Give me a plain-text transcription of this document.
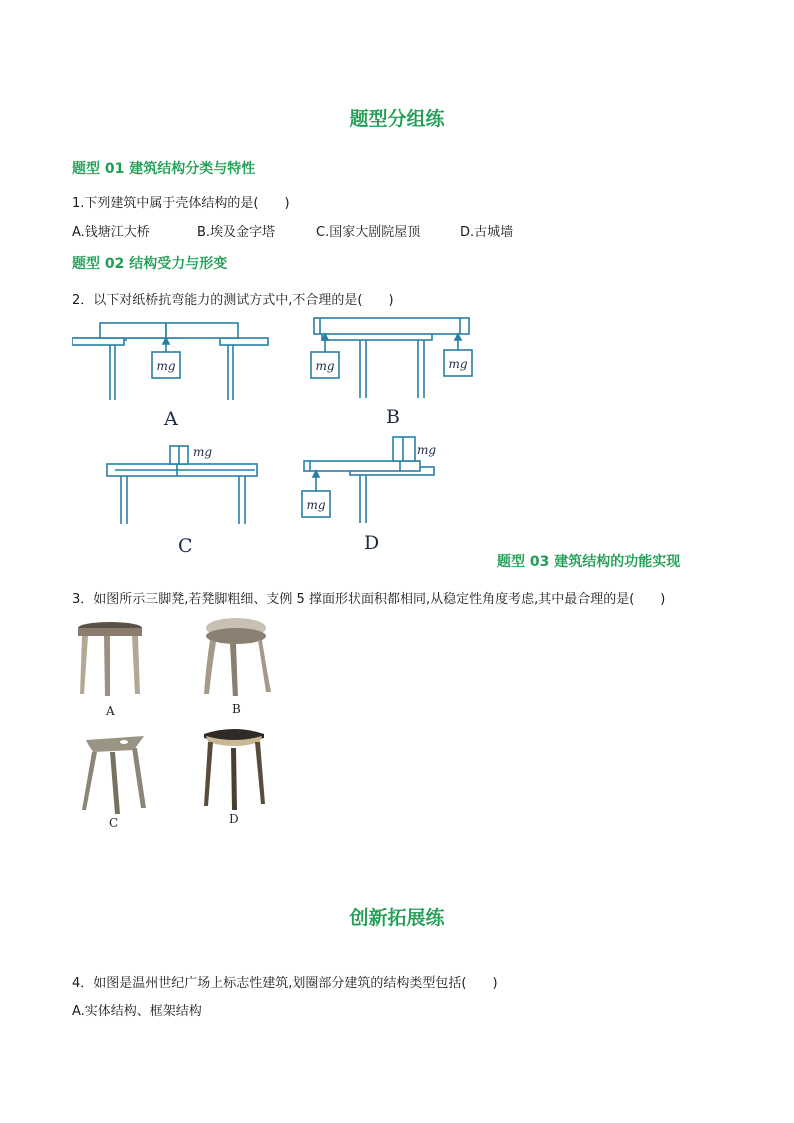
题型分组练
题型 01 建筑结构分类与特性
1.下列建筑中属于壳体结构的是(　　)
A.钱塘江大桥	B.埃及金字塔	C.国家大剧院屋顶	D.古城墙
题型 02 结构受力与形变
2．以下对纸桥抗弯能力的测试方式中,不合理的是(　　)
mg
A
mg	mg
B
mg
C
mg
mg
D
题型 03 建筑结构的功能实现
3．如图所示三脚凳,若凳脚粗细、支例 5 撑面形状面积都相同,从稳定性角度考虑,其中最合理的是(　　)
A	B
C	D
创新拓展练
4．如图是温州世纪广场上标志性建筑,划圈部分建筑的结构类型包括(　　)
A.实体结构、框架结构
